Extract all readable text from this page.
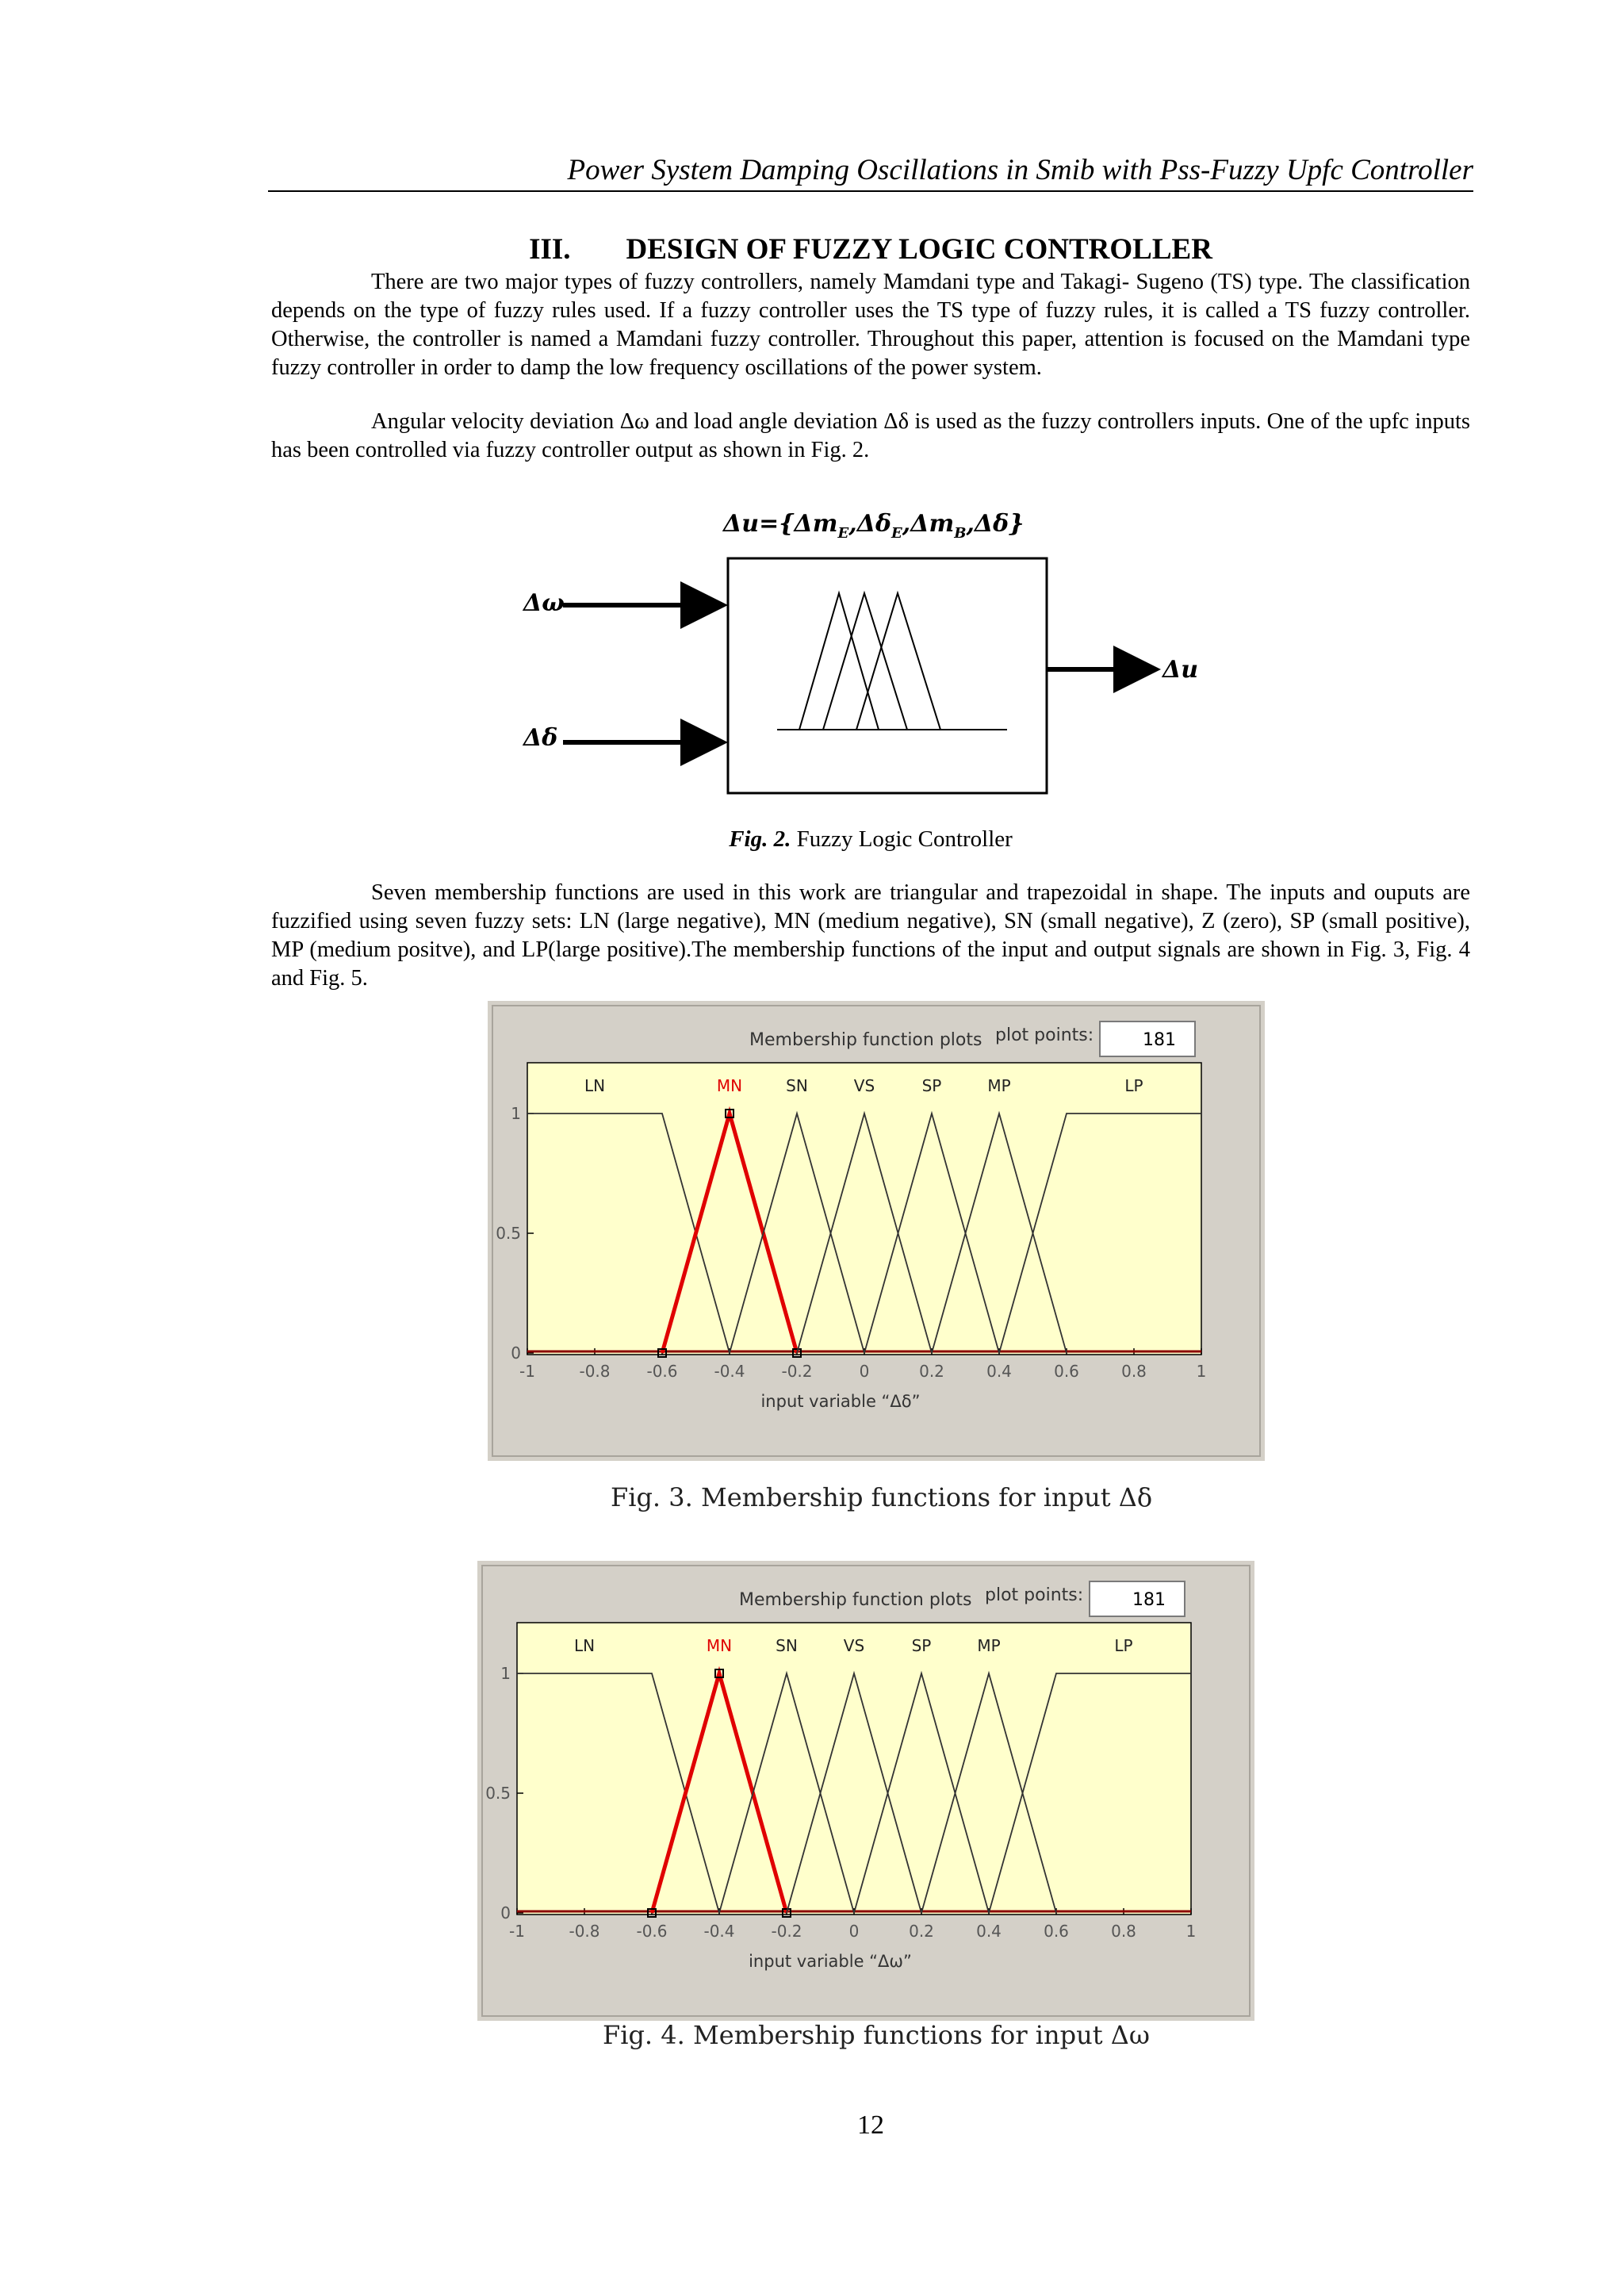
Power System Damping Oscillations in Smib with Pss-Fuzzy Upfc Controller
III. DESIGN OF FUZZY LOGIC CONTROLLER
There are two major types of fuzzy controllers, namely Mamdani type and Takagi- Sugeno (TS) type. The classification depends on the type of fuzzy rules used. If a fuzzy controller uses the TS type of fuzzy rules, it is called a TS fuzzy controller. Otherwise, the controller is named a Mamdani fuzzy controller. Throughout this paper, attention is focused on the Mamdani type fuzzy controller in order to damp the low frequency oscillations of the power system.
Angular velocity deviation Δω and load angle deviation Δδ is used as the fuzzy controllers inputs. One of the upfc inputs has been controlled via fuzzy controller output as shown in Fig. 2.
$\Delta u=\{\Delta m_E,\Delta\delta_E,\Delta m_B,\Delta\delta\}$
Δω
Δδ
Δu
Fig. 2. Fuzzy Logic Controller
Seven membership functions are used in this work are triangular and trapezoidal in shape. The inputs and ouputs are fuzzified using seven fuzzy sets: LN (large negative), MN (medium negative), SN (small negative), Z (zero), SP (small positive), MP (medium positve), and LP(large positive).The membership functions of the input and output signals are shown in Fig. 3, Fig. 4 and Fig. 5.
Membership function plots plot points:	181
0
0.5
1
-1	-0.8 -0.6 -0.4 -0.2	0	0.2	0.4	0.6	0.8	1
input variable “Δδ”
LN	MN	SN	VS	SP	MP	LP
Fig. 3. Membership functions for input Δδ
Membership function plots plot points:	181
0
0.5
1
-1	-0.8 -0.6 -0.4 -0.2	0	0.2	0.4	0.6	0.8	1
input variable “Δω”
LN	MN	SN	VS	SP	MP	LP
Fig. 4. Membership functions for input Δω
12
